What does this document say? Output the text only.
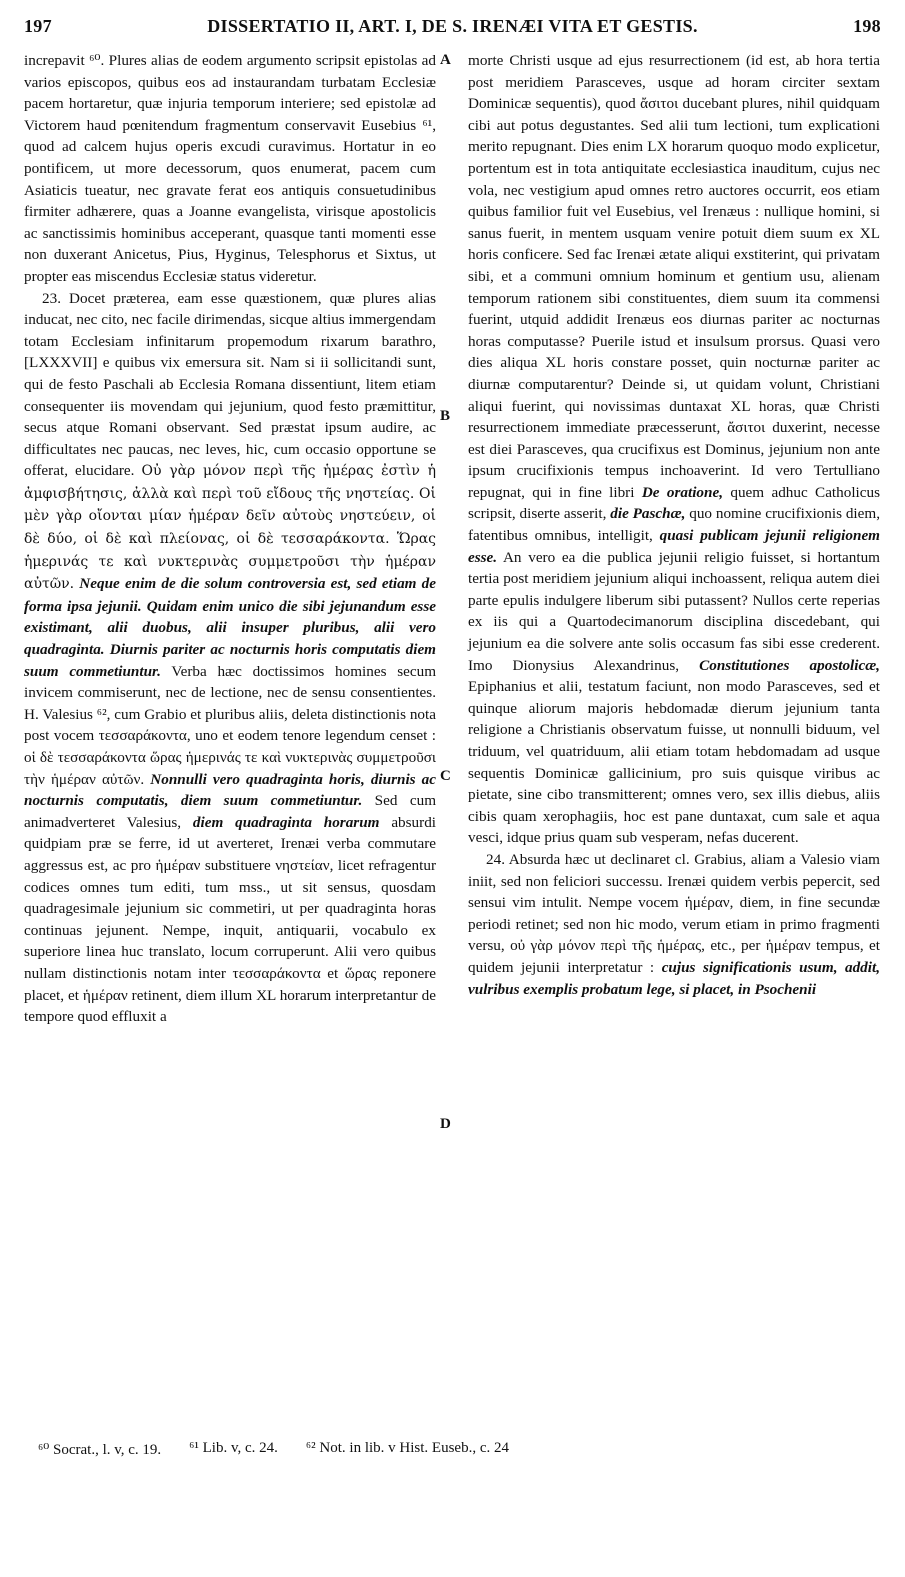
197	DISSERTATIO II, ART. I, DE S. IRENÆI VITA ET GESTIS.	198
A
B
C
D

increpavit ⁶⁰. Plures alias de eodem argumento scripsit epistolas ad varios episcopos, quibus eos ad instaurandam turbatam Ecclesiæ pacem hortaretur, quæ injuria temporum interiere; sed epistolæ ad Victorem haud pœnitendum fragmentum conservavit Eusebius ⁶¹, quod ad calcem hujus operis excudi curavimus. Hortatur in eo pontificem, ut more decessorum, quos enumerat, pacem cum Asiaticis tueatur, nec gravate ferat eos antiquis consuetudinibus firmiter adhærere, quas a Joanne evangelista, virisque apostolicis ac sanctissimis hominibus acceperant, quasque tanti momenti esse non duxerant Anicetus, Pius, Hyginus, Telesphorus et Sixtus, ut propter eas miscendus Ecclesiæ status videretur.

23. Docet præterea, eam esse quæstionem, quæ plures alias inducat, nec cito, nec facile dirimendas, sicque altius immergendam totam Ecclesiam infinitarum propemodum rixarum barathro, [LXXXVII] e quibus vix emersura sit. Nam si ii sollicitandi sunt, qui de festo Paschali ab Ecclesia Romana dissentiunt, litem etiam consequenter iis movendam qui jejunium, quod festo præmittitur, secus atque Romani observant. Sed præstat ipsum audire, ac difficultates nec paucas, nec leves, hic, cum occasio opportune se offerat, elucidare. Οὐ γὰρ μόνον περὶ τῆς ἡμέρας ἐστὶν ἡ ἀμφισβήτησις, ἀλλὰ καὶ περὶ τοῦ εἴδους τῆς νηστείας. Οἱ μὲν γὰρ οἴονται μίαν ἡμέραν δεῖν αὐτοὺς νηστεύειν, οἱ δὲ δύο, οἱ δὲ καὶ πλείονας, οἱ δὲ τεσσαράκοντα. Ὥρας ἡμερινάς τε καὶ νυκτερινὰς συμμετροῦσι τὴν ἡμέραν αὐτῶν. Neque enim de die solum controversia est, sed etiam de forma ipsa jejunii. Quidam enim unico die sibi jejunandum esse existimant, alii duobus, alii insuper pluribus, alii vero quadraginta. Diurnis pariter ac nocturnis horis computatis diem suum commetiuntur. Verba hæc doctissimos homines secum invicem commiserunt, nec de lectione, nec de sensu consentientes. H. Valesius ⁶², cum Grabio et pluribus aliis, deleta distinctionis nota post vocem τεσσαράκοντα, uno et eodem tenore legendum censet : οἱ δὲ τεσσαράκοντα ὥρας ἡμερινάς τε καὶ νυκτερινὰς συμμετροῦσι τὴν ἡμέραν αὐτῶν. Nonnulli vero quadraginta horis, diurnis ac nocturnis computatis, diem suum commetiuntur. Sed cum animadverteret Valesius, diem quadraginta horarum absurdi quidpiam præ se ferre, id ut averteret, Irenæi verba commutare aggressus est, ac pro ἡμέραν substituere νηστείαν, licet refragentur codices omnes tum editi, tum mss., ut sit sensus, quosdam quadragesimale jejunium sic commetiri, ut per quadraginta horas continuas jejunent. Nempe, inquit, antiquarii, vocabulo ex superiore linea huc translato, locum corruperunt. Alii vero quibus nullam distinctionis notam inter τεσσαράκοντα et ὥρας reponere placet, et ἡμέραν retinent, diem illum XL horarum interpretantur de tempore quod effluxit a

morte Christi usque ad ejus resurrectionem (id est, ab hora tertia post meridiem Parasceves, usque ad horam circiter sextam Dominicæ sequentis), quod ἄσιτοι ducebant plures, nihil quidquam cibi aut potus degustantes. Sed alii tum lectioni, tum explicationi merito repugnant. Dies enim LX horarum quoquo modo explicetur, portentum est in tota antiquitate ecclesiastica inauditum, cujus nec vola, nec vestigium apud omnes retro auctores occurrit, eos etiam quibus familior fuit vel Eusebius, vel Irenæus : nullique homini, si sanus fuerit, in mentem usquam venire potuit diem suum ex XL horis conficere. Sed fac Irenæi ætate aliqui exstiterint, qui privatam sibi, et a communi omnium hominum et gentium usu, alienam temporum rationem sibi constituentes, diem suum ita commensi fuerint, utquid addidit Irenæus eos diurnas pariter ac nocturnas horas computasse? Puerile istud et insulsum prorsus. Quasi vero dies aliqua XL horis constare posset, quin nocturnæ pariter ac diurnæ computarentur? Deinde si, ut quidam volunt, Christiani aliqui fuerint, qui novissimas duntaxat XL horas, quæ Christi resurrectionem immediate præcesserunt, ἄσιτοι duxerint, necesse est diei Parasceves, qua crucifixus est Dominus, jejunium non ante ipsum crucifixionis tempus inchoaverint. Id vero Tertulliano repugnat, qui in fine libri De oratione, quem adhuc Catholicus scripsit, diserte asserit, die Paschæ, quo nomine crucifixionis diem, fatentibus omnibus, intelligit, quasi publicam jejunii religionem esse. An vero ea die publica jejunii religio fuisset, si hortantum tertia post meridiem jejunium aliqui inchoassent, reliqua autem diei parte epulis indulgere liberum sibi putassent? Nullos certe reperias ex iis qui a Quartodecimanorum disciplina discedebant, qui jejunium ea die solvere ante solis occasum fas sibi esse crederent. Imo Dionysius Alexandrinus, Constitutiones apostolicæ, Epiphanius et alii, testatum faciunt, non modo Parasceves, sed et quinque aliorum majoris hebdomadæ dierum jejunium tanta religione a Christianis observatum fuisse, ut nonnulli biduum, vel triduum, vel quatriduum, alii etiam totam hebdomadam ad usque sequentis Dominicæ gallicinium, pro suis quisque viribus ac pietate, sine cibo transmitterent; omnes vero, sex illis diebus, aliis cibis quam xerophagiis, hoc est pane duntaxat, cum sale et aqua vesci, idque prius quam sub vesperam, nefas ducerent.

24. Absurda hæc ut declinaret cl. Grabius, aliam a Valesio viam iniit, sed non feliciori successu. Irenæi quidem verbis pepercit, sed sensui vim intulit. Nempe vocem ἡμέραν, diem, in fine secundæ periodi retinet; sed non hic modo, verum etiam in primo fragmenti versu, οὐ γὰρ μόνον περὶ τῆς ἡμέρας, etc., per ἡμέραν tempus, et quidem jejunii interpretatur : cujus significationis usum, addit, vulribus exemplis probatum lege, si placet, in Psochenii

⁶⁰ Socrat., l. v, c. 19. ⁶¹ Lib. v, c. 24. ⁶² Not. in lib. v Hist. Euseb., c. 24
